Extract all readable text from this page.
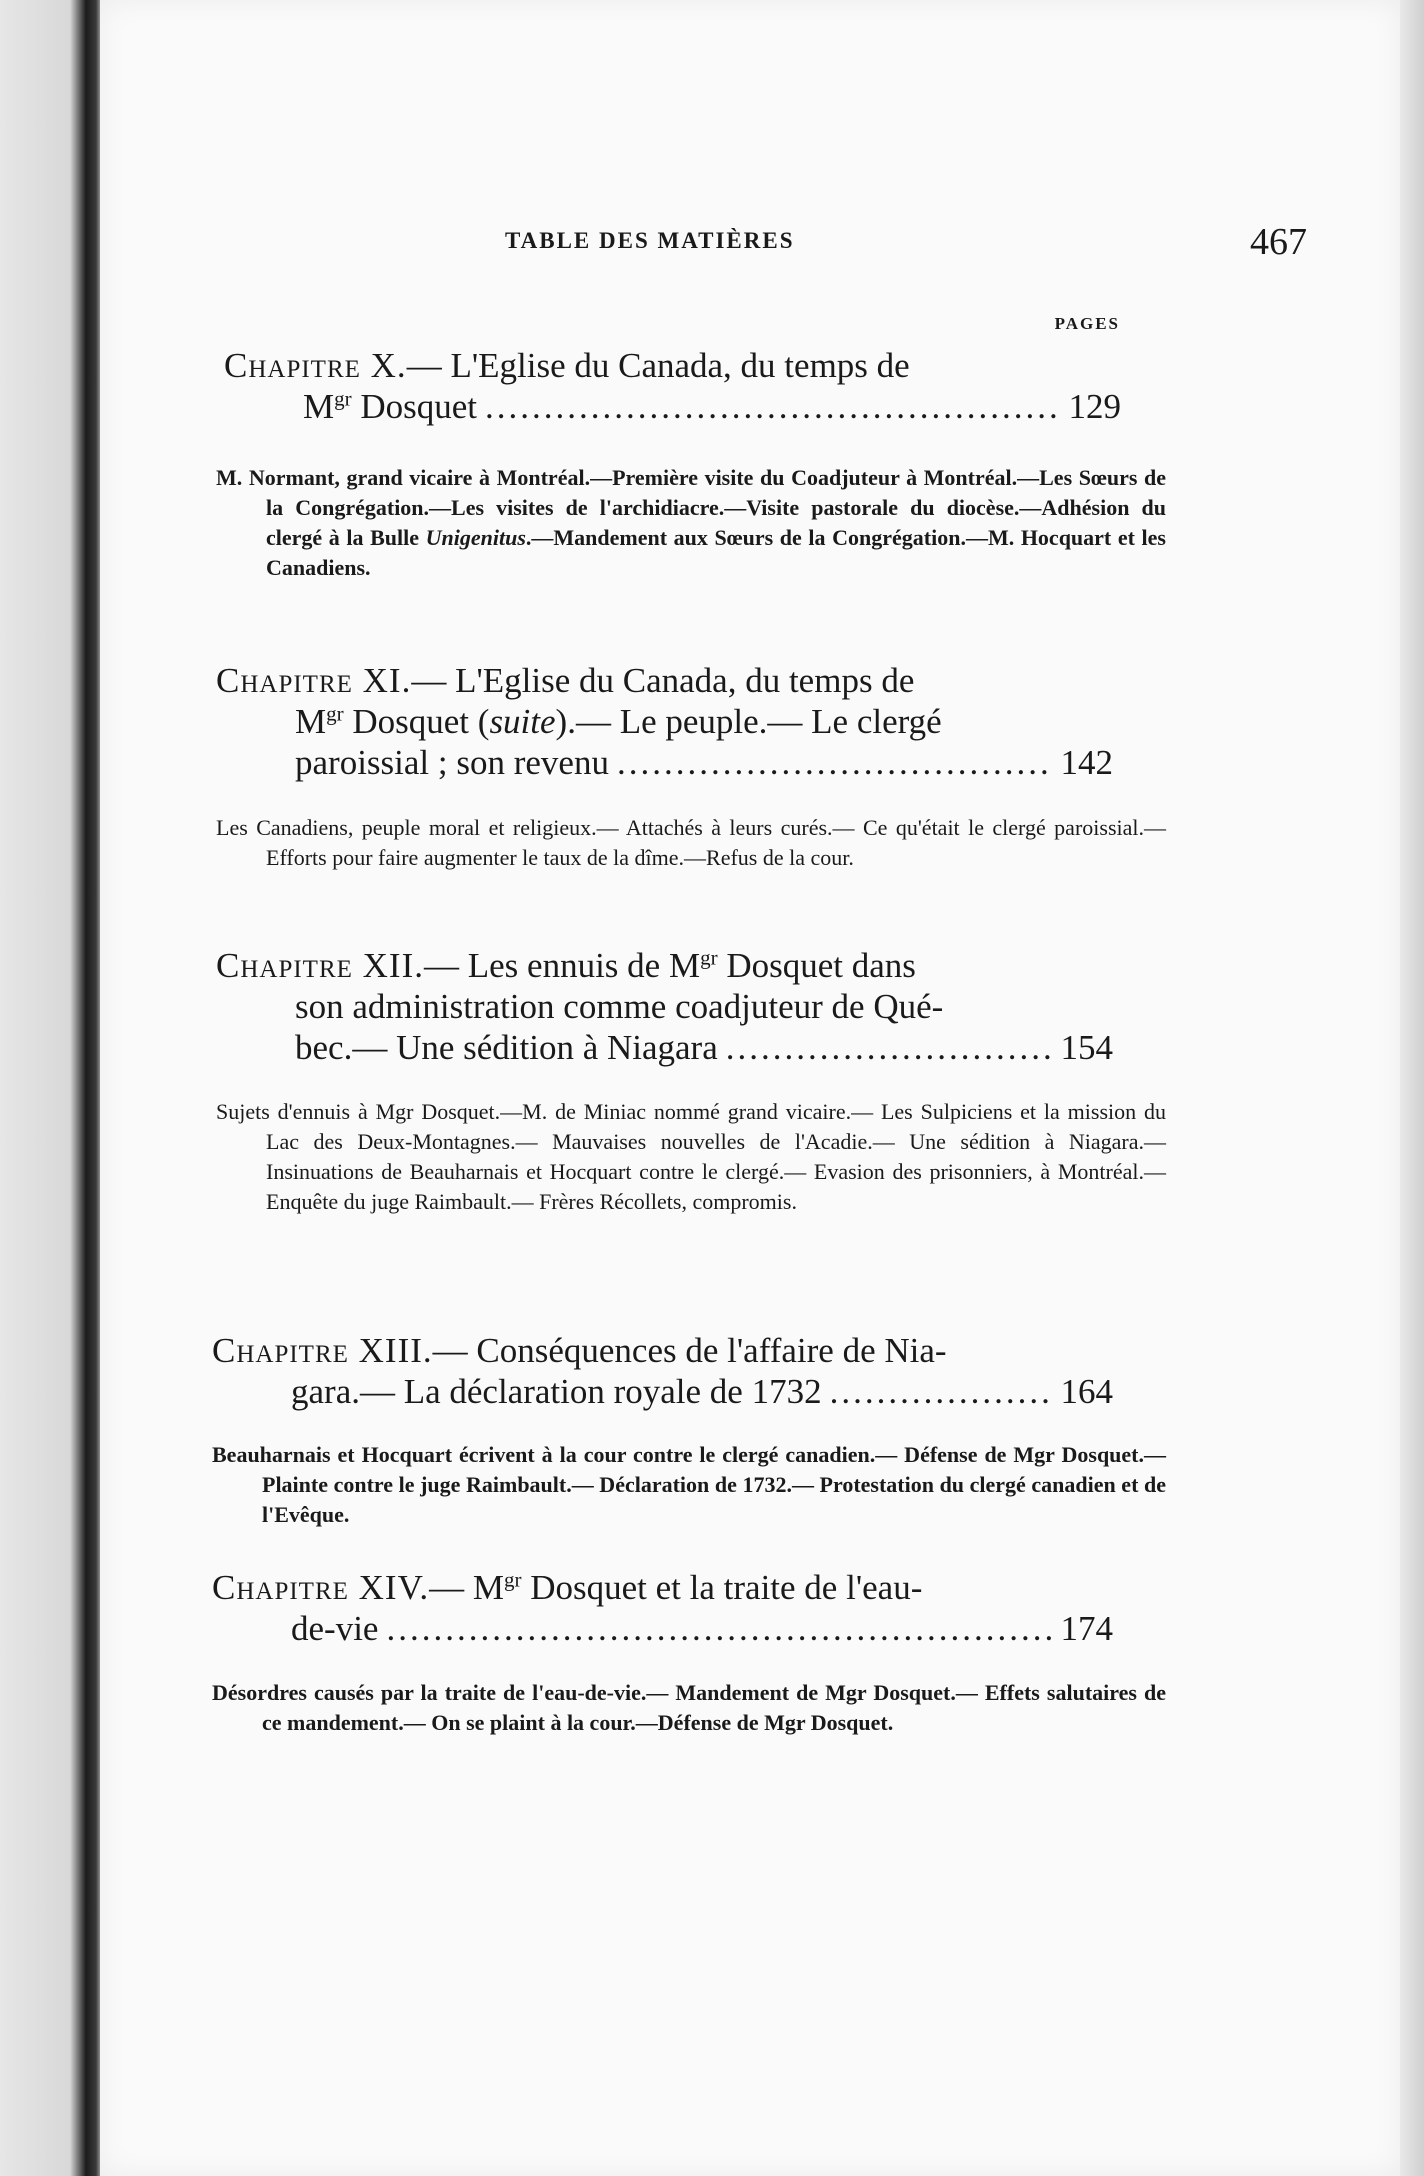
TABLE DES MATIÈRES	467
PAGES

Chapitre X.— L'Eglise du Canada, du temps de
$M^{gr}$ Dosquet .....	129

M. Normant, grand vicaire à Montréal.—Première visite du Coadjuteur à Montréal.—Les Sœurs de la Congrégation.—Les visites de l'archidiacre.—Visite pastorale du diocèse.—Adhésion du clergé à la Bulle Unigenitus.—Mandement aux Sœurs de la Congrégation.—M. Hocquart et les Canadiens.

Chapitre XI.— L'Eglise du Canada, du temps de
$M^{gr}$ Dosquet (suite).— Le peuple.— Le clergé
paroissial ; son revenu .....	142

Les Canadiens, peuple moral et religieux.— Attachés à leurs curés.— Ce qu'était le clergé paroissial.—Efforts pour faire augmenter le taux de la dîme.—Refus de la cour.

Chapitre XII.— Les ennuis de $M^{gr}$ Dosquet dans
son administration comme coadjuteur de Qué-
bec.— Une sédition à Niagara .....	154

Sujets d'ennuis à Mgr Dosquet.—M. de Miniac nommé grand vicaire.— Les Sulpiciens et la mission du Lac des Deux-Montagnes.— Mauvaises nouvelles de l'Acadie.— Une sédition à Niagara.— Insinuations de Beauharnais et Hocquart contre le clergé.— Evasion des prisonniers, à Montréal.— Enquête du juge Raimbault.— Frères Récollets, compromis.

Chapitre XIII.— Conséquences de l'affaire de Nia-
gara.— La déclaration royale de 1732 .....	164

Beauharnais et Hocquart écrivent à la cour contre le clergé canadien.— Défense de Mgr Dosquet.— Plainte contre le juge Raimbault.— Déclaration de 1732.— Protestation du clergé canadien et de l'Evêque.

Chapitre XIV.— $M^{gr}$ Dosquet et la traite de l'eau-
de-vie .....	174

Désordres causés par la traite de l'eau-de-vie.— Mandement de Mgr Dosquet.— Effets salutaires de ce mandement.— On se plaint à la cour.—Défense de Mgr Dosquet.
